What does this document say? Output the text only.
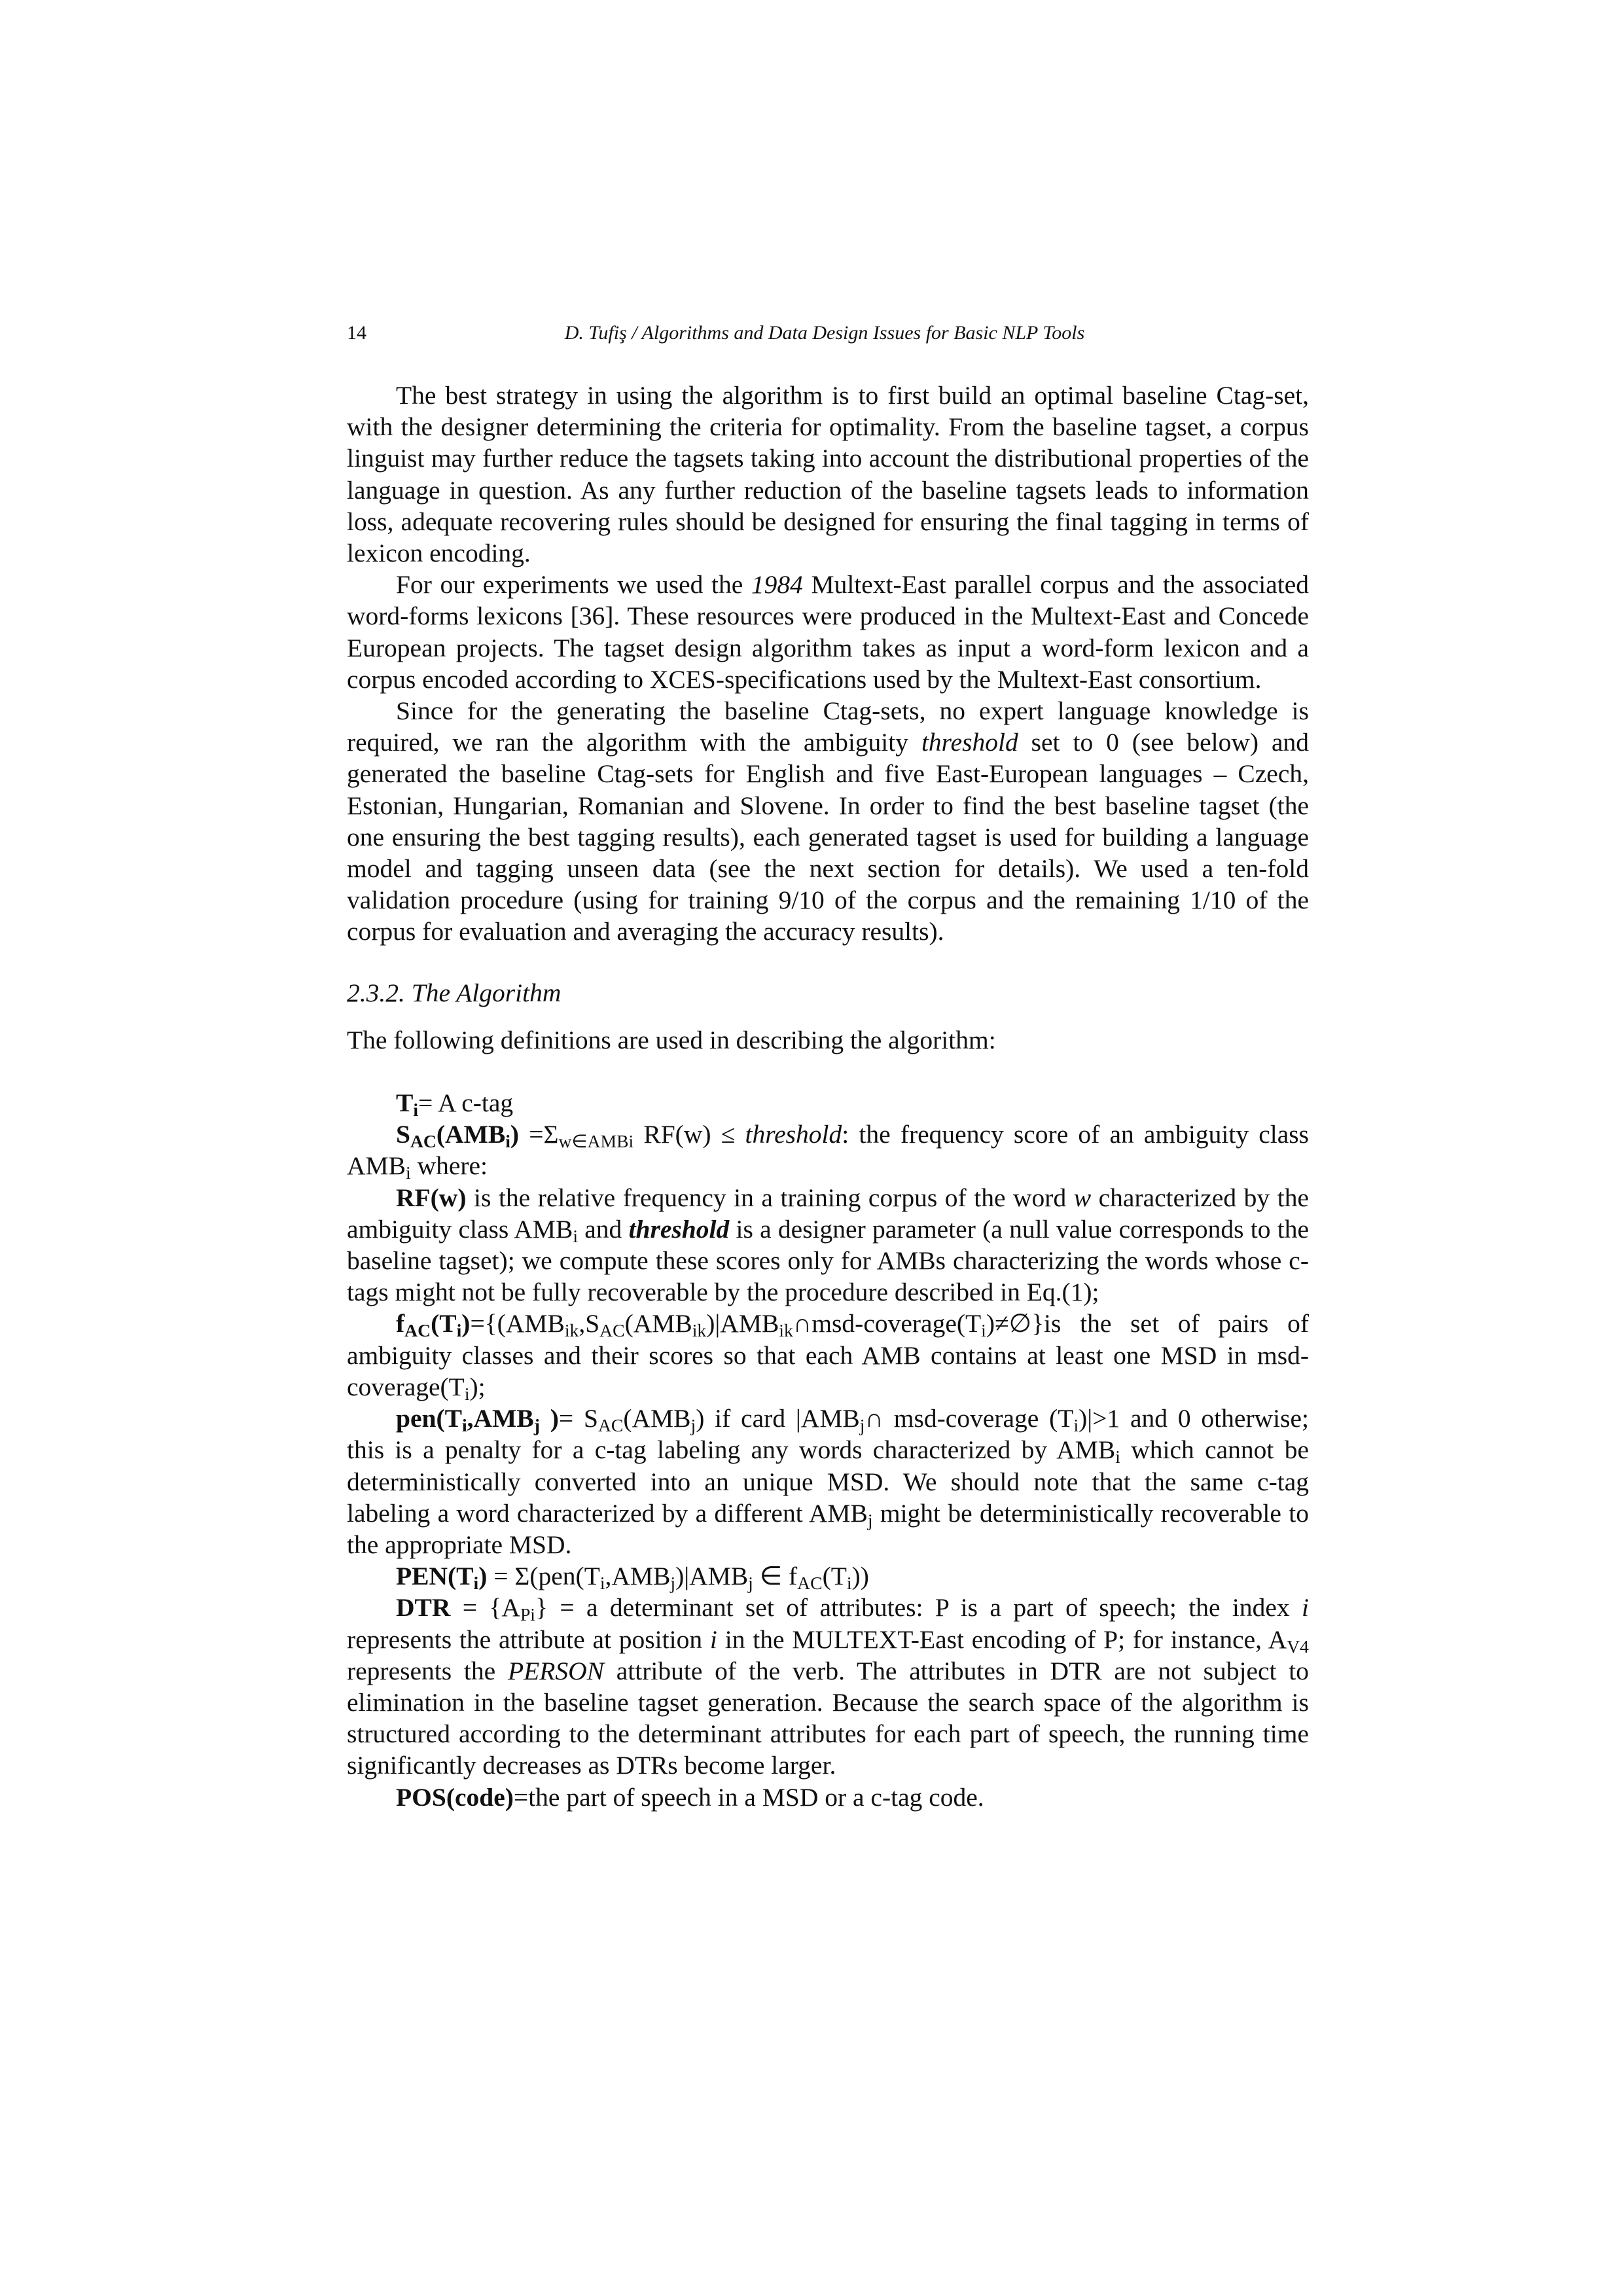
14	D. Tufiş / Algorithms and Data Design Issues for Basic NLP Tools

The best strategy in using the algorithm is to first build an optimal baseline Ctag-set, with the designer determining the criteria for optimality. From the baseline tagset, a corpus linguist may further reduce the tagsets taking into account the distributional properties of the language in question. As any further reduction of the baseline tagsets leads to information loss, adequate recovering rules should be designed for ensuring the final tagging in terms of lexicon encoding.

For our experiments we used the 1984 Multext-East parallel corpus and the associated word-forms lexicons [36]. These resources were produced in the Multext-East and Concede European projects. The tagset design algorithm takes as input a word-form lexicon and a corpus encoded according to XCES-specifications used by the Multext-East consortium.

Since for the generating the baseline Ctag-sets, no expert language knowledge is required, we ran the algorithm with the ambiguity threshold set to 0 (see below) and generated the baseline Ctag-sets for English and five East-European languages – Czech, Estonian, Hungarian, Romanian and Slovene. In order to find the best baseline tagset (the one ensuring the best tagging results), each generated tagset is used for building a language model and tagging unseen data (see the next section for details). We used a ten-fold validation procedure (using for training 9/10 of the corpus and the remaining 1/10 of the corpus for evaluation and averaging the accuracy results).

2.3.2. The Algorithm

The following definitions are used in describing the algorithm:

$T_i= A$ c-tag

$S_{AC}(AMB_i) =\Sigma_{w\in AMBi}$ RF(w) ≤ threshold: the frequency score of an ambiguity class $AMB_i$ where:

RF(w) is the relative frequency in a training corpus of the word w characterized by the ambiguity class $AMB_i$ and threshold is a designer parameter (a null value corresponds to the baseline tagset); we compute these scores only for AMBs characterizing the words whose c-tags might not be fully recoverable by the procedure described in Eq.(1);

$f_{AC}(T_i)=\{(AMB_{ik},S_{AC}(AMB_{ik})|AMB_{ik}\cap msd-coverage(T_i)\ne\emptyset\}is$ the set of pairs of ambiguity classes and their scores so that each AMB contains at least one MSD in msd-$coverage(T_i)$;

$pen(T_i,AMB_j$ )= $S_{AC}(AMB_j)$ if card $|AMB_j\cap$ msd-coverage $(T_i)|>1$ and 0 otherwise; this is a penalty for a c-tag labeling any words characterized by $AMB_i$ which cannot be deterministically converted into an unique MSD. We should note that the same c-tag labeling a word characterized by a different $AMB_j$ might be deterministically recoverable to the appropriate MSD.

$PEN(T_i) = \Sigma(pen(T_i,AMB_j)|AMB_j$ ∈ $f_{AC}(T_i)$)

DTR = $\{A_{Pi}\} = a$ determinant set of attributes: P is a part of speech; the index i represents the attribute at position i in the MULTEXT-East encoding of P; for instance, $A_{V4}$ represents the PERSON attribute of the verb. The attributes in DTR are not subject to elimination in the baseline tagset generation. Because the search space of the algorithm is structured according to the determinant attributes for each part of speech, the running time significantly decreases as DTRs become larger.

POS(code)=the part of speech in a MSD or a c-tag code.
